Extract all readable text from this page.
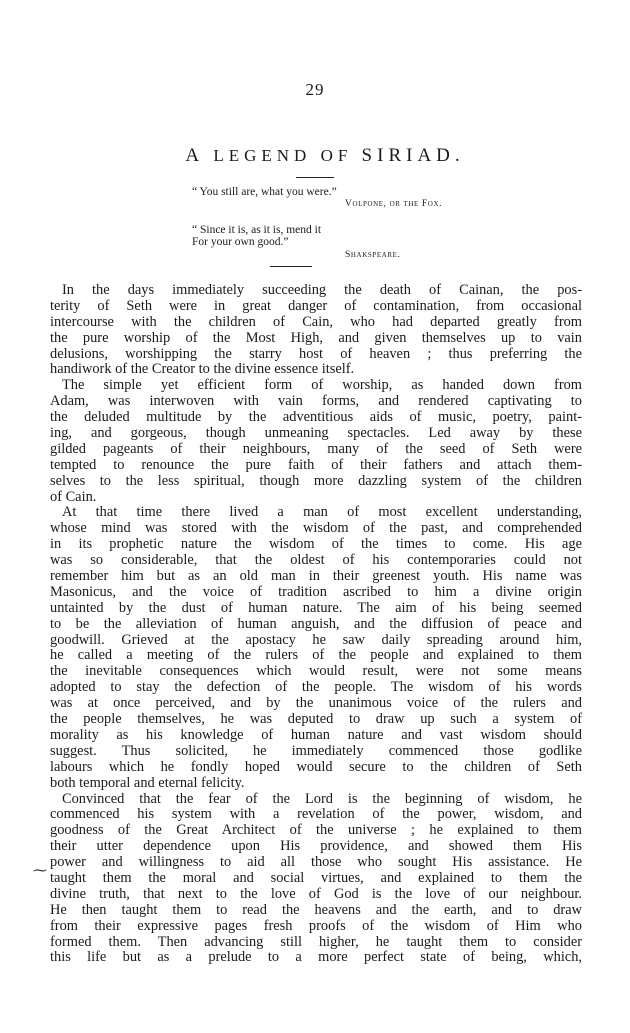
29
A LEGEND OF SIRIAD.
“ You still are, what you were.”
Volpone, or the Fox.
“ Since it is, as it is, mend it
For your own good.”
Shakspeare.
In the days immediately succeeding the death of Cainan, the pos-
terity of Seth were in great danger of contamination, from occasional
intercourse with the children of Cain, who had departed greatly from
the pure worship of the Most High, and given themselves up to vain
delusions, worshipping the starry host of heaven ; thus preferring the
handiwork of the Creator to the divine essence itself.
The simple yet efficient form of worship, as handed down from
Adam, was interwoven with vain forms, and rendered captivating to
the deluded multitude by the adventitious aids of music, poetry, paint-
ing, and gorgeous, though unmeaning spectacles. Led away by these
gilded pageants of their neighbours, many of the seed of Seth were
tempted to renounce the pure faith of their fathers and attach them-
selves to the less spiritual, though more dazzling system of the children
of Cain.
At that time there lived a man of most excellent understanding,
whose mind was stored with the wisdom of the past, and comprehended
in its prophetic nature the wisdom of the times to come. His age
was so considerable, that the oldest of his contemporaries could not
remember him but as an old man in their greenest youth. His name was
Masonicus, and the voice of tradition ascribed to him a divine origin
untainted by the dust of human nature. The aim of his being seemed
to be the alleviation of human anguish, and the diffusion of peace and
goodwill. Grieved at the apostacy he saw daily spreading around him,
he called a meeting of the rulers of the people and explained to them
the inevitable consequences which would result, were not some means
adopted to stay the defection of the people. The wisdom of his words
was at once perceived, and by the unanimous voice of the rulers and
the people themselves, he was deputed to draw up such a system of
morality as his knowledge of human nature and vast wisdom should
suggest. Thus solicited, he immediately commenced those godlike
labours which he fondly hoped would secure to the children of Seth
both temporal and eternal felicity.
Convinced that the fear of the Lord is the beginning of wisdom, he
commenced his system with a revelation of the power, wisdom, and
goodness of the Great Architect of the universe ; he explained to them
their utter dependence upon His providence, and showed them His
power and willingness to aid all those who sought His assistance. He
taught them the moral and social virtues, and explained to them the
divine truth, that next to the love of God is the love of our neighbour.
He then taught them to read the heavens and the earth, and to draw
from their expressive pages fresh proofs of the wisdom of Him who
formed them. Then advancing still higher, he taught them to consider
this life but as a prelude to a more perfect state of being, which,
⁓
